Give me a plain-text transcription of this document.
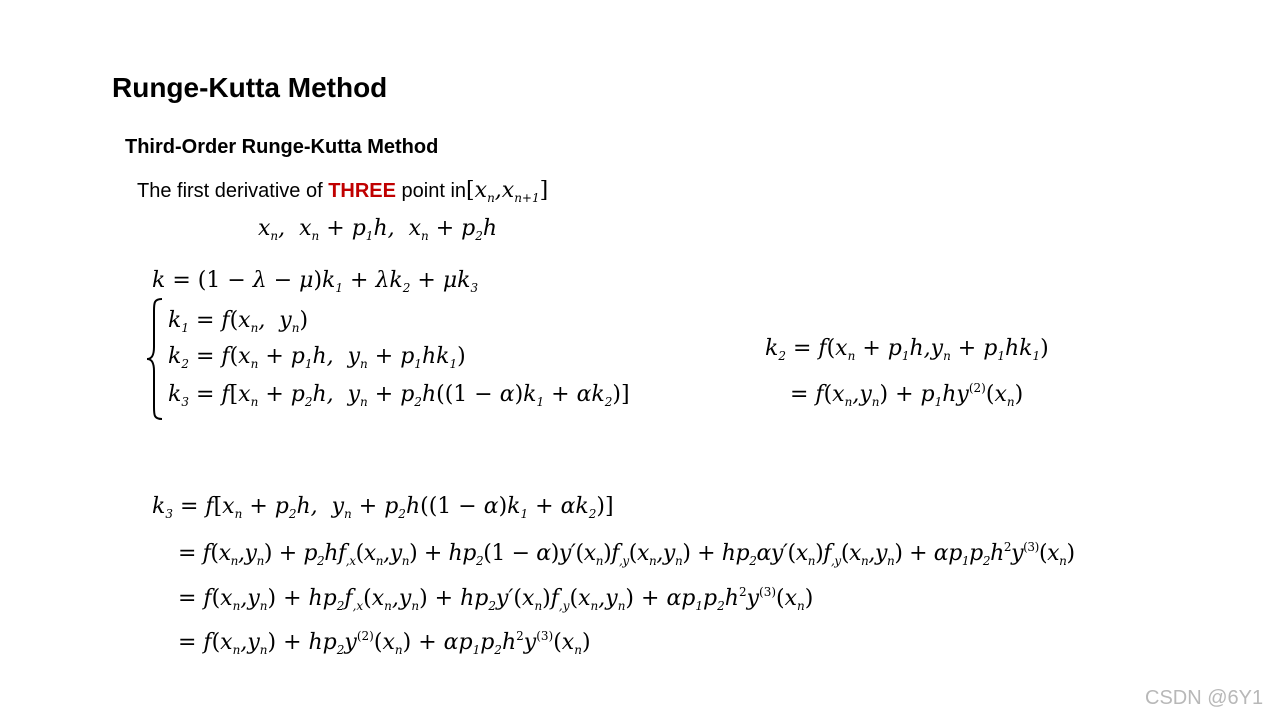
Runge-Kutta Method
Third-Order Runge-Kutta Method
The first derivative of THREE point $in[x_n,x_{n+1}]$
$x_n$,  $x_n + p_1h$,  $x_n + p_2h$
$k = (1 - \lambda - \mu)k_1 + \lambda k_2 + \mu k_3$
$k_1 = f(x_n$,  $y_n$)
$k_2 = f(x_n + p_1h$,  $y_n + p_1hk_1$)
$k_3 = f[x_n + p_2h$,  $y_n + p_2h((1 - \alpha)k_1 + \alpha k_2)$]
$k_2 = f(x_n + p_1h,y_n + p_1hk_1)$
= $f(x_n,y_n) + p_1hy^{(2)}(x_n)$
$k_3 = f[x_n + p_2h$,  $y_n + p_2h((1 - \alpha)k_1 + \alpha k_2)$]
= $f(x_n,y_n) + p_2hf_{,x}(x_n,y_n) + hp_2(1 - \alpha)y'(x_n)f_{,y}(x_n,y_n) + hp_2\alpha y'(x_n)f_{,y}(x_n,y_n) + \alpha p_1p_2h^2y^{(3)}(x_n)$
= $f(x_n,y_n) + hp_2f_{,x}(x_n,y_n) + hp_2y'(x_n)f_{,y}(x_n,y_n) + \alpha p_1p_2h^2y^{(3)}(x_n)$
= $f(x_n,y_n) + hp_2y^{(2)}(x_n) + \alpha p_1p_2h^2y^{(3)}(x_n)$
CSDN @6Y1
